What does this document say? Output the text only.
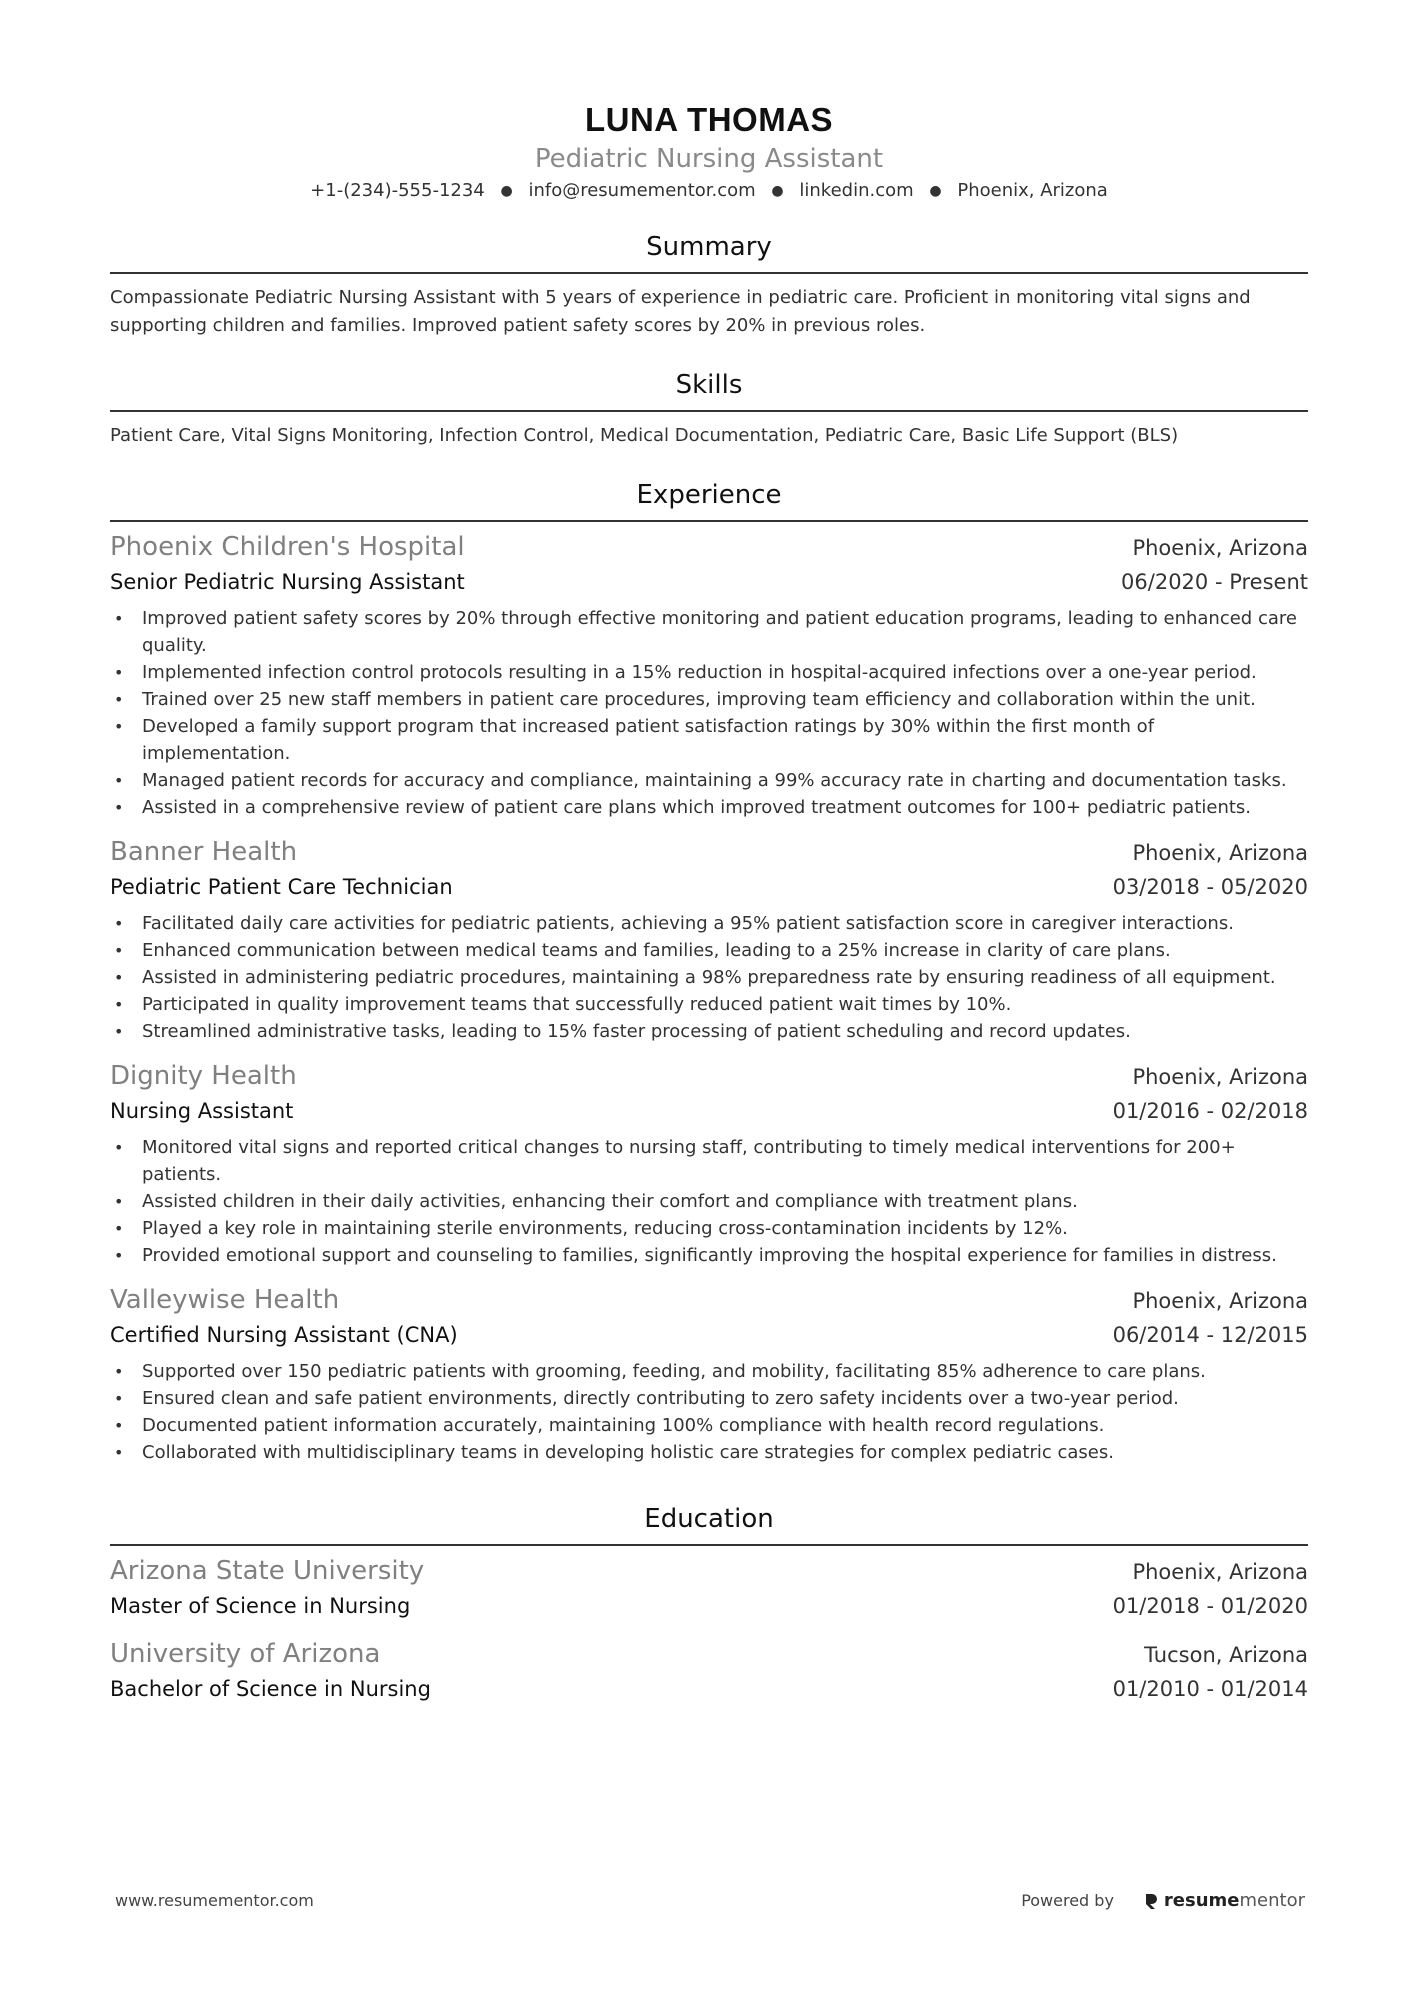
LUNA THOMAS
Pediatric Nursing Assistant
+1-(234)-555-1234 ● info@resumementor.com ● linkedin.com ● Phoenix, Arizona
Summary
Compassionate Pediatric Nursing Assistant with 5 years of experience in pediatric care. Proficient in monitoring vital signs and supporting children and families. Improved patient safety scores by 20% in previous roles.
Skills
Patient Care, Vital Signs Monitoring, Infection Control, Medical Documentation, Pediatric Care, Basic Life Support (BLS)
Experience
Phoenix Children's Hospital	Phoenix, Arizona
Senior Pediatric Nursing Assistant	06/2020 - Present
• Improved patient safety scores by 20% through effective monitoring and patient education programs, leading to enhanced care quality.
• Implemented infection control protocols resulting in a 15% reduction in hospital-acquired infections over a one-year period.
• Trained over 25 new staff members in patient care procedures, improving team efficiency and collaboration within the unit.
• Developed a family support program that increased patient satisfaction ratings by 30% within the first month of implementation.
• Managed patient records for accuracy and compliance, maintaining a 99% accuracy rate in charting and documentation tasks.
• Assisted in a comprehensive review of patient care plans which improved treatment outcomes for 100+ pediatric patients.
Banner Health	Phoenix, Arizona
Pediatric Patient Care Technician	03/2018 - 05/2020
• Facilitated daily care activities for pediatric patients, achieving a 95% patient satisfaction score in caregiver interactions.
• Enhanced communication between medical teams and families, leading to a 25% increase in clarity of care plans.
• Assisted in administering pediatric procedures, maintaining a 98% preparedness rate by ensuring readiness of all equipment.
• Participated in quality improvement teams that successfully reduced patient wait times by 10%.
• Streamlined administrative tasks, leading to 15% faster processing of patient scheduling and record updates.
Dignity Health	Phoenix, Arizona
Nursing Assistant	01/2016 - 02/2018
• Monitored vital signs and reported critical changes to nursing staff, contributing to timely medical interventions for 200+ patients.
• Assisted children in their daily activities, enhancing their comfort and compliance with treatment plans.
• Played a key role in maintaining sterile environments, reducing cross-contamination incidents by 12%.
• Provided emotional support and counseling to families, significantly improving the hospital experience for families in distress.
Valleywise Health	Phoenix, Arizona
Certified Nursing Assistant (CNA)	06/2014 - 12/2015
• Supported over 150 pediatric patients with grooming, feeding, and mobility, facilitating 85% adherence to care plans.
• Ensured clean and safe patient environments, directly contributing to zero safety incidents over a two-year period.
• Documented patient information accurately, maintaining 100% compliance with health record regulations.
• Collaborated with multidisciplinary teams in developing holistic care strategies for complex pediatric cases.
Education
Arizona State University	Phoenix, Arizona
Master of Science in Nursing	01/2018 - 01/2020
University of Arizona	Tucson, Arizona
Bachelor of Science in Nursing	01/2010 - 01/2014
www.resumementor.com	Powered by	resume mentor
